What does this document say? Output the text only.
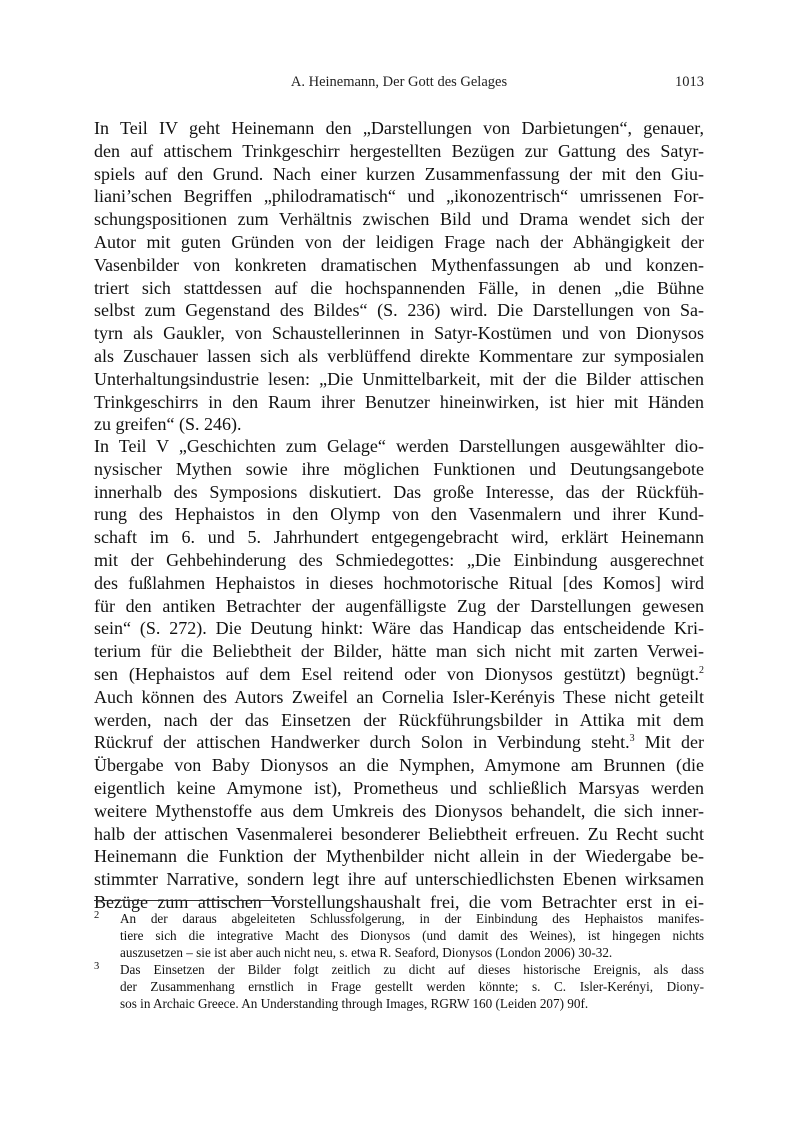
A. Heinemann, Der Gott des Gelages	1013

In Teil IV geht Heinemann den „Darstellungen von Darbietungen“, genauer,
den auf attischem Trinkgeschirr hergestellten Bezügen zur Gattung des Satyr-
spiels auf den Grund. Nach einer kurzen Zusammenfassung der mit den Giu-
liani’schen Begriffen „philodramatisch“ und „ikonozentrisch“ umrissenen For-
schungspositionen zum Verhältnis zwischen Bild und Drama wendet sich der
Autor mit guten Gründen von der leidigen Frage nach der Abhängigkeit der
Vasenbilder von konkreten dramatischen Mythenfassungen ab und konzen-
triert sich stattdessen auf die hochspannenden Fälle, in denen „die Bühne
selbst zum Gegenstand des Bildes“ (S. 236) wird. Die Darstellungen von Sa-
tyrn als Gaukler, von Schaustellerinnen in Satyr-Kostümen und von Dionysos
als Zuschauer lassen sich als verblüffend direkte Kommentare zur symposialen
Unterhaltungsindustrie lesen: „Die Unmittelbarkeit, mit der die Bilder attischen
Trinkgeschirrs in den Raum ihrer Benutzer hineinwirken, ist hier mit Händen
zu greifen“ (S. 246).

In Teil V „Geschichten zum Gelage“ werden Darstellungen ausgewählter dio-
nysischer Mythen sowie ihre möglichen Funktionen und Deutungsangebote
innerhalb des Symposions diskutiert. Das große Interesse, das der Rückfüh-
rung des Hephaistos in den Olymp von den Vasenmalern und ihrer Kund-
schaft im 6. und 5. Jahrhundert entgegengebracht wird, erklärt Heinemann
mit der Gehbehinderung des Schmiedegottes: „Die Einbindung ausgerechnet
des fußlahmen Hephaistos in dieses hochmotorische Ritual [des Komos] wird
für den antiken Betrachter der augenfälligste Zug der Darstellungen gewesen
sein“ (S. 272). Die Deutung hinkt: Wäre das Handicap das entscheidende Kri-
terium für die Beliebtheit der Bilder, hätte man sich nicht mit zarten Verwei-
sen (Hephaistos auf dem Esel reitend oder von Dionysos gestützt) begnügt.$^2$
Auch können des Autors Zweifel an Cornelia Isler-Kerényis These nicht geteilt
werden, nach der das Einsetzen der Rückführungsbilder in Attika mit dem
Rückruf der attischen Handwerker durch Solon in Verbindung steht.$^3$ Mit der
Übergabe von Baby Dionysos an die Nymphen, Amymone am Brunnen (die
eigentlich keine Amymone ist), Prometheus und schließlich Marsyas werden
weitere Mythenstoffe aus dem Umkreis des Dionysos behandelt, die sich inner-
halb der attischen Vasenmalerei besonderer Beliebtheit erfreuen. Zu Recht sucht
Heinemann die Funktion der Mythenbilder nicht allein in der Wiedergabe be-
stimmter Narrative, sondern legt ihre auf unterschiedlichsten Ebenen wirksamen
Bezüge zum attischen Vorstellungshaushalt frei, die vom Betrachter erst in ei-

2 An der daraus abgeleiteten Schlussfolgerung, in der Einbindung des Hephaistos manifes-
tiere sich die integrative Macht des Dionysos (und damit des Weines), ist hingegen nichts
auszusetzen – sie ist aber auch nicht neu, s. etwa R. Seaford, Dionysos (London 2006) 30-32.
3 Das Einsetzen der Bilder folgt zeitlich zu dicht auf dieses historische Ereignis, als dass
der Zusammenhang ernstlich in Frage gestellt werden könnte; s. C. Isler-Kerényi, Diony-
sos in Archaic Greece. An Understanding through Images, RGRW 160 (Leiden 207) 90f.
